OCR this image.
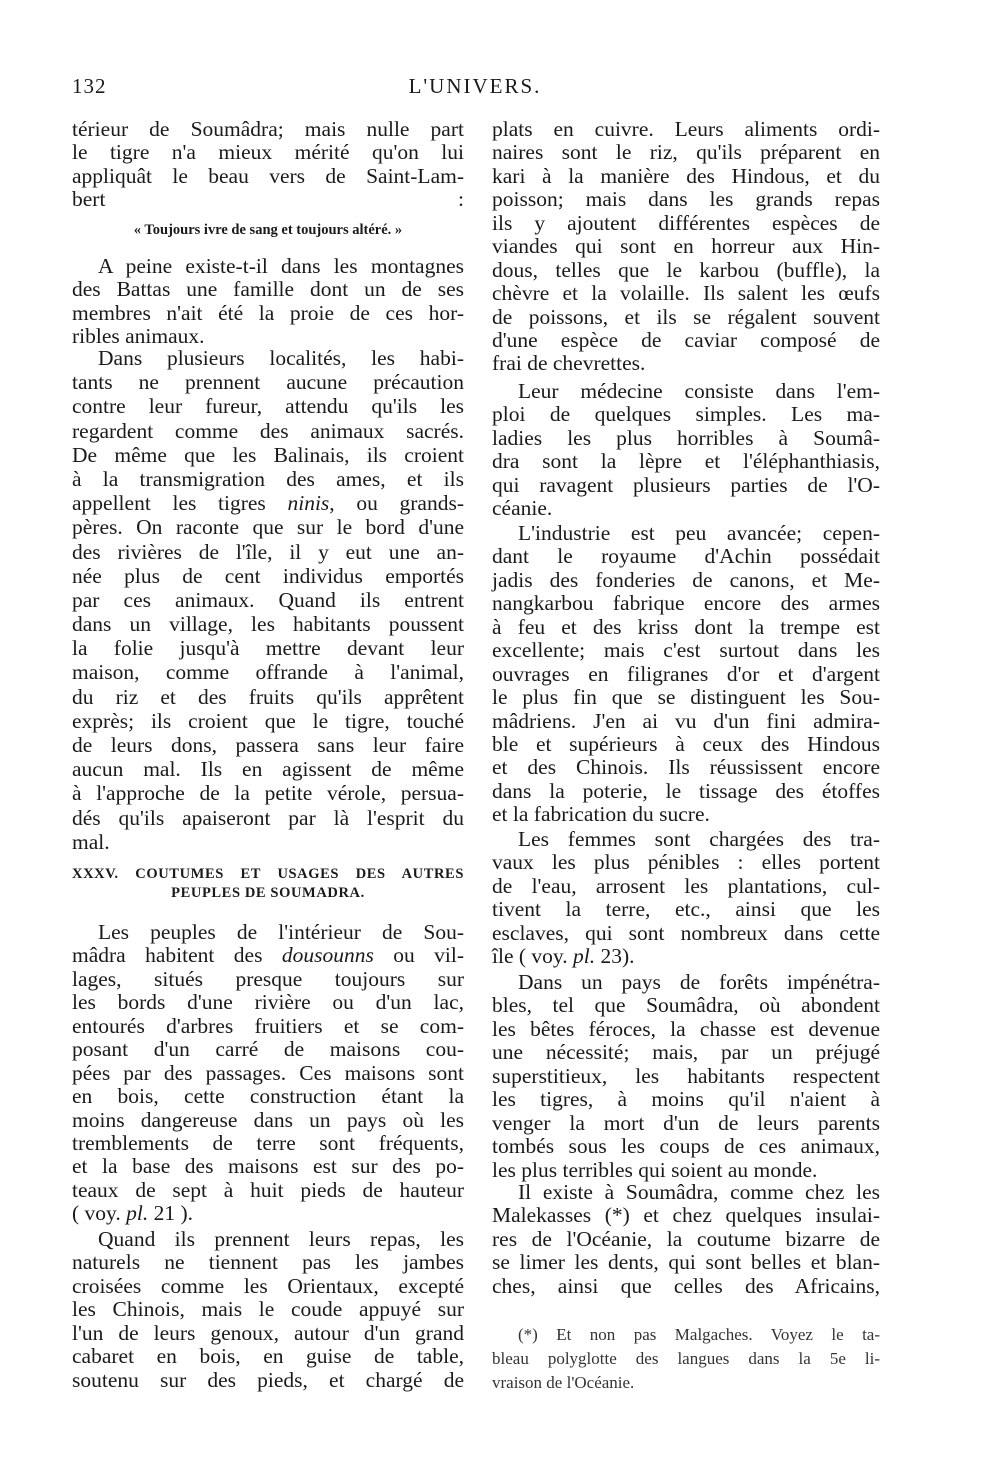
132	L'UNIVERS.
térieur de Soumâdra; mais nulle part
le tigre n'a mieux mérité qu'on lui
appliquât le beau vers de Saint-Lam-
bert :
« Toujours ivre de sang et toujours altéré. »
A peine existe-t-il dans les montagnes
des Battas une famille dont un de ses
membres n'ait été la proie de ces hor-
ribles animaux.
Dans plusieurs localités, les habi-
tants ne prennent aucune précaution
contre leur fureur, attendu qu'ils les
regardent comme des animaux sacrés.
De même que les Balinais, ils croient
à la transmigration des ames, et ils
appellent les tigres ninis, ou grands-
pères. On raconte que sur le bord d'une
des rivières de l'île, il y eut une an-
née plus de cent individus emportés
par ces animaux. Quand ils entrent
dans un village, les habitants poussent
la folie jusqu'à mettre devant leur
maison, comme offrande à l'animal,
du riz et des fruits qu'ils apprêtent
exprès; ils croient que le tigre, touché
de leurs dons, passera sans leur faire
aucun mal. Ils en agissent de même
à l'approche de la petite vérole, persua-
dés qu'ils apaiseront par là l'esprit du
mal.
XXXV. COUTUMES ET USAGES DES AUTRES
PEUPLES DE SOUMADRA.
Les peuples de l'intérieur de Sou-
mâdra habitent des dousounns ou vil-
lages, situés presque toujours sur
les bords d'une rivière ou d'un lac,
entourés d'arbres fruitiers et se com-
posant d'un carré de maisons cou-
pées par des passages. Ces maisons sont
en bois, cette construction étant la
moins dangereuse dans un pays où les
tremblements de terre sont fréquents,
et la base des maisons est sur des po-
teaux de sept à huit pieds de hauteur
( voy. pl. 21 ).
Quand ils prennent leurs repas, les
naturels ne tiennent pas les jambes
croisées comme les Orientaux, excepté
les Chinois, mais le coude appuyé sur
l'un de leurs genoux, autour d'un grand
cabaret en bois, en guise de table,
soutenu sur des pieds, et chargé de
plats en cuivre. Leurs aliments ordi-
naires sont le riz, qu'ils préparent en
kari à la manière des Hindous, et du
poisson; mais dans les grands repas
ils y ajoutent différentes espèces de
viandes qui sont en horreur aux Hin-
dous, telles que le karbou (buffle), la
chèvre et la volaille. Ils salent les œufs
de poissons, et ils se régalent souvent
d'une espèce de caviar composé de
frai de chevrettes.
Leur médecine consiste dans l'em-
ploi de quelques simples. Les ma-
ladies les plus horribles à Soumâ-
dra sont la lèpre et l'éléphanthiasis,
qui ravagent plusieurs parties de l'O-
céanie.
L'industrie est peu avancée; cepen-
dant le royaume d'Achin possédait
jadis des fonderies de canons, et Me-
nangkarbou fabrique encore des armes
à feu et des kriss dont la trempe est
excellente; mais c'est surtout dans les
ouvrages en filigranes d'or et d'argent
le plus fin que se distinguent les Sou-
mâdriens. J'en ai vu d'un fini admira-
ble et supérieurs à ceux des Hindous
et des Chinois. Ils réussissent encore
dans la poterie, le tissage des étoffes
et la fabrication du sucre.
Les femmes sont chargées des tra-
vaux les plus pénibles : elles portent
de l'eau, arrosent les plantations, cul-
tivent la terre, etc., ainsi que les
esclaves, qui sont nombreux dans cette
île ( voy. pl. 23).
Dans un pays de forêts impénétra-
bles, tel que Soumâdra, où abondent
les bêtes féroces, la chasse est devenue
une nécessité; mais, par un préjugé
superstitieux, les habitants respectent
les tigres, à moins qu'il n'aient à
venger la mort d'un de leurs parents
tombés sous les coups de ces animaux,
les plus terribles qui soient au monde.
Il existe à Soumâdra, comme chez les
Malekasses (*) et chez quelques insulai-
res de l'Océanie, la coutume bizarre de
se limer les dents, qui sont belles et blan-
ches, ainsi que celles des Africains,
(*) Et non pas Malgaches. Voyez le ta-
bleau polyglotte des langues dans la 5e li-
vraison de l'Océanie.
